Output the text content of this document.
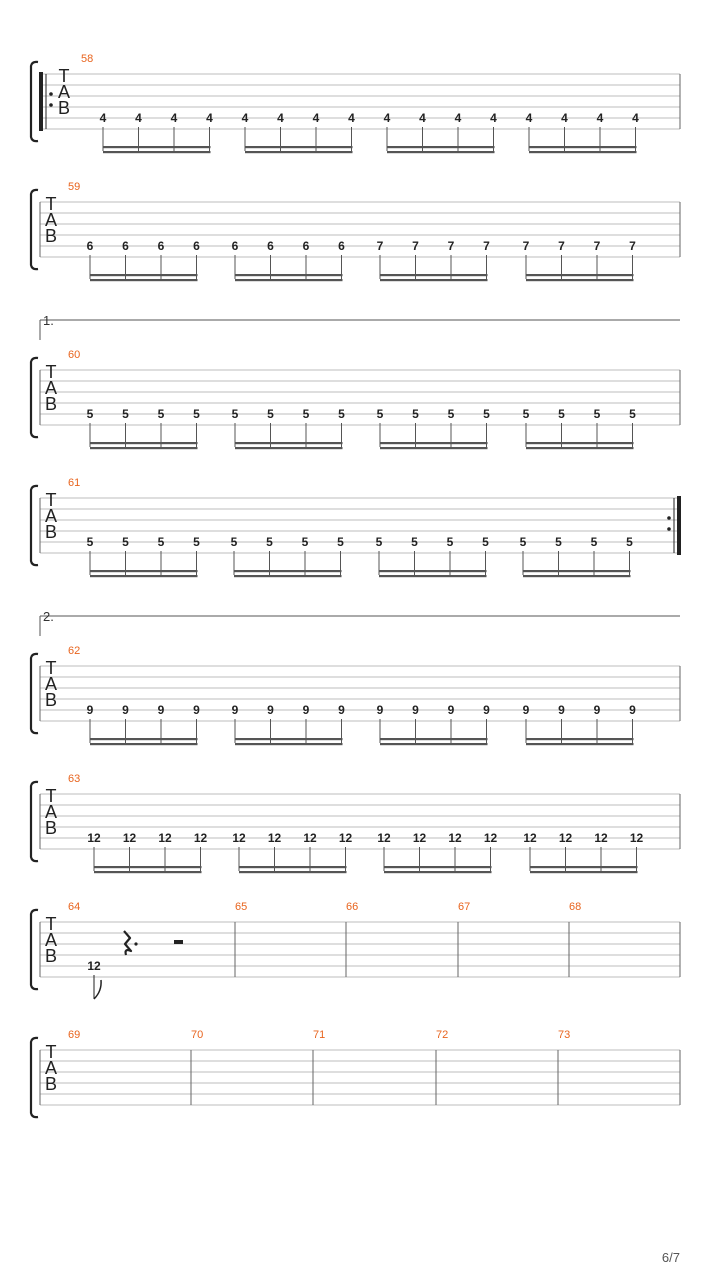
T
A
B
58
4 4 4 4 4 4 4 4 4 4 4 4 4 4 4 4
T
A
B
59
6 6 6 6	6 6 6 6	7 7 7 7	7 7 7 7
T
A
B
60
5 5 5 5	5 5 5 5	5 5 5 5	5 5 5 5
T
A
B
61
5 5 5 5	5 5 5 5	5 5 5 5	5 5 5 5
T
A
B
62
9 9 9 9	9 9 9 9	9 9 9 9	9 9 9 9
T
A
B
63
12 12 12 12 12 12 12 12 12 12 12 12 12 12 12 12
T
A
B
64
12
65	66	67	68
T
A
B
69	70	71	72	73
1.
2.
6/7
